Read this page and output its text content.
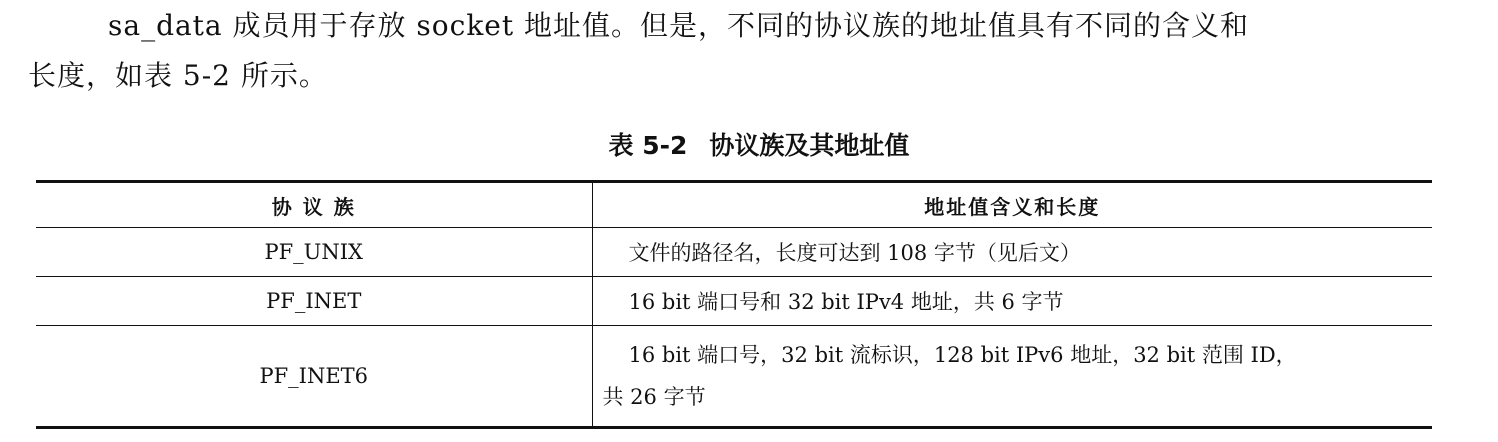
sa_data 成员用于存放 socket 地址值。但是，不同的协议族的地址值具有不同的含义和
长度，如表 5-2 所示。
表 5-2 协议族及其地址值
协 议 族	地址值含义和长度
PF_UNIX	文件的路径名，长度可达到 108 字节（见后文）
PF_INET	16 bit 端口号和 32 bit IPv4 地址，共 6 字节
PF_INET6	16 bit 端口号，32 bit 流标识，128 bit IPv6 地址，32 bit 范围 ID，
共 26 字节
